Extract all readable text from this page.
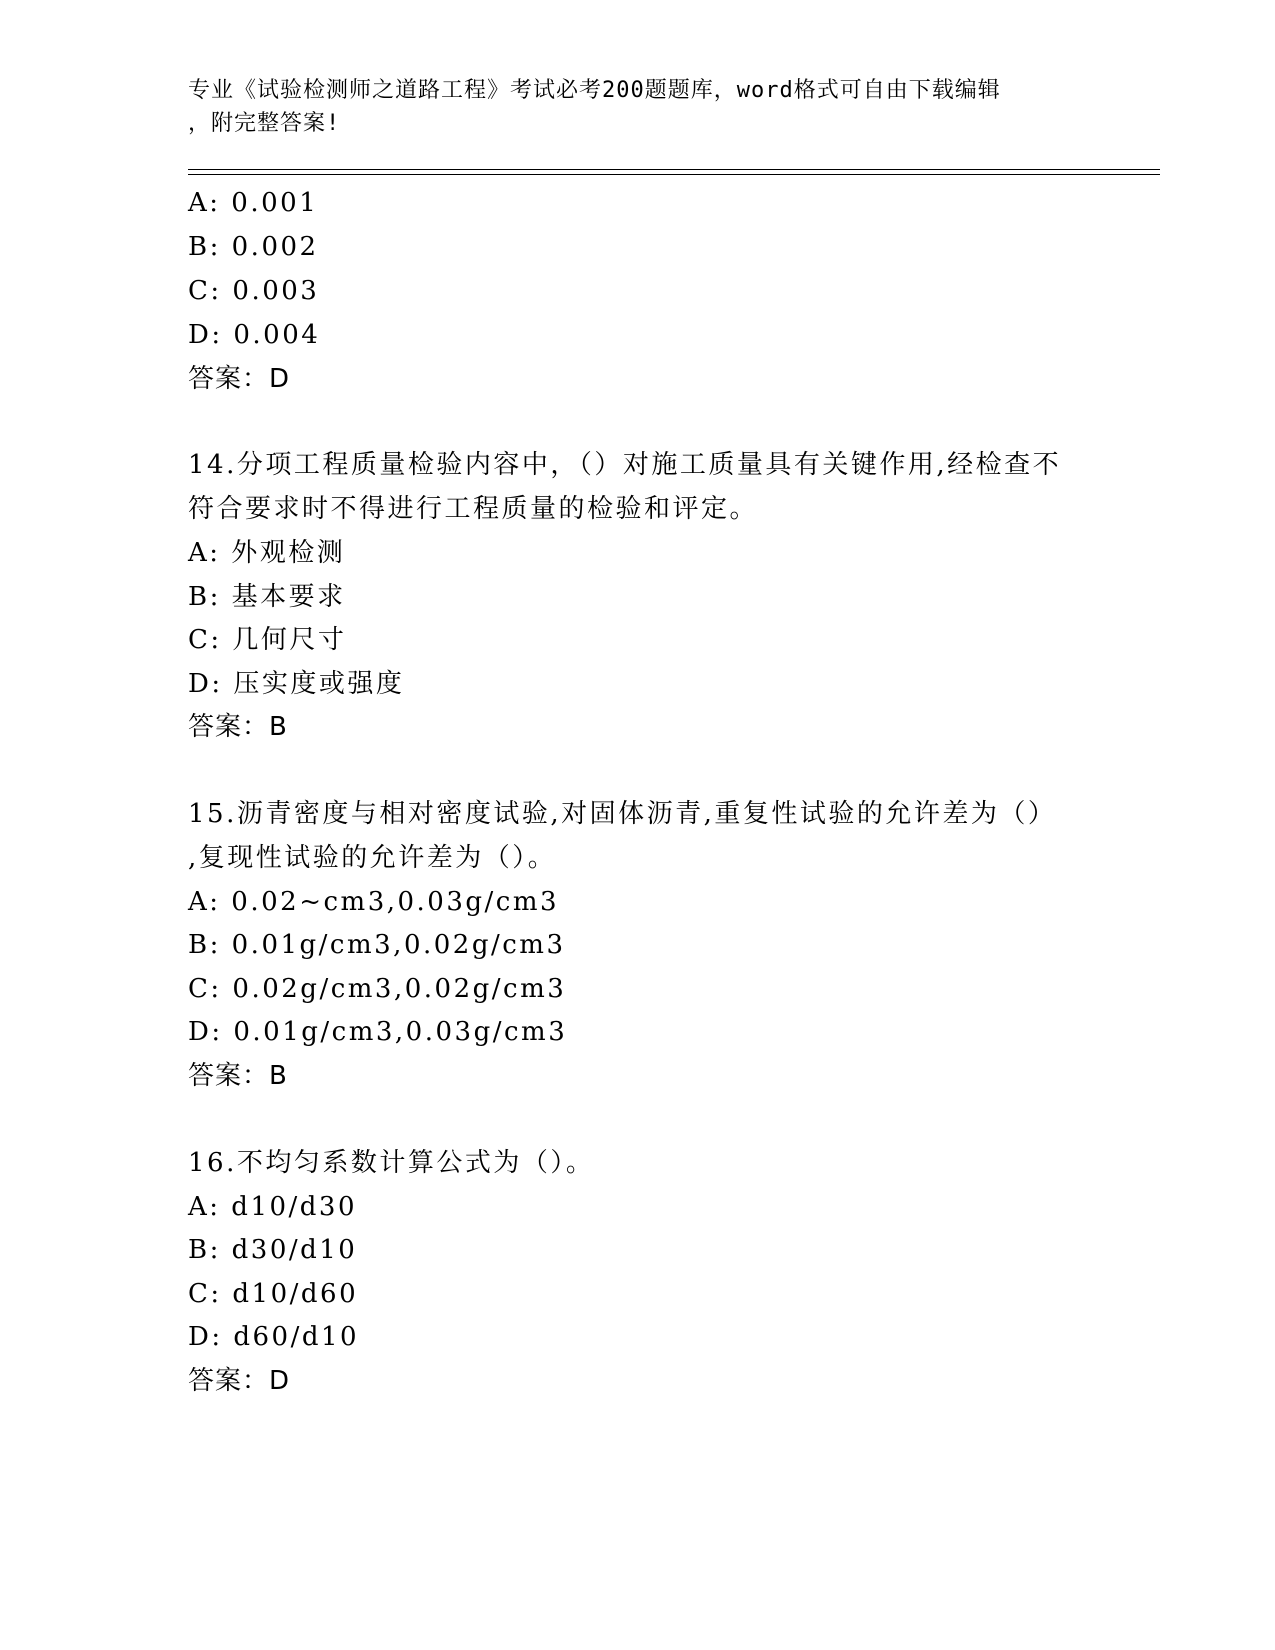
专业《试验检测师之道路工程》考试必考200题题库，word格式可自由下载编辑
，附完整答案!

A: 0.001

B: 0.002

C: 0.003

D: 0.004

答案：D

14.分项工程质量检验内容中，（）对施工质量具有关键作用,经检查不

符合要求时不得进行工程质量的检验和评定。

A: 外观检测

B: 基本要求

C: 几何尺寸

D: 压实度或强度

答案：B

15.沥青密度与相对密度试验,对固体沥青,重复性试验的允许差为（）

,复现性试验的允许差为（）。

A: 0.02~cm3,0.03g/cm3

B: 0.01g/cm3,0.02g/cm3

C: 0.02g/cm3,0.02g/cm3

D: 0.01g/cm3,0.03g/cm3

答案：B

16.不均匀系数计算公式为（）。

A: d10/d30

B: d30/d10

C: d10/d60

D: d60/d10

答案：D
